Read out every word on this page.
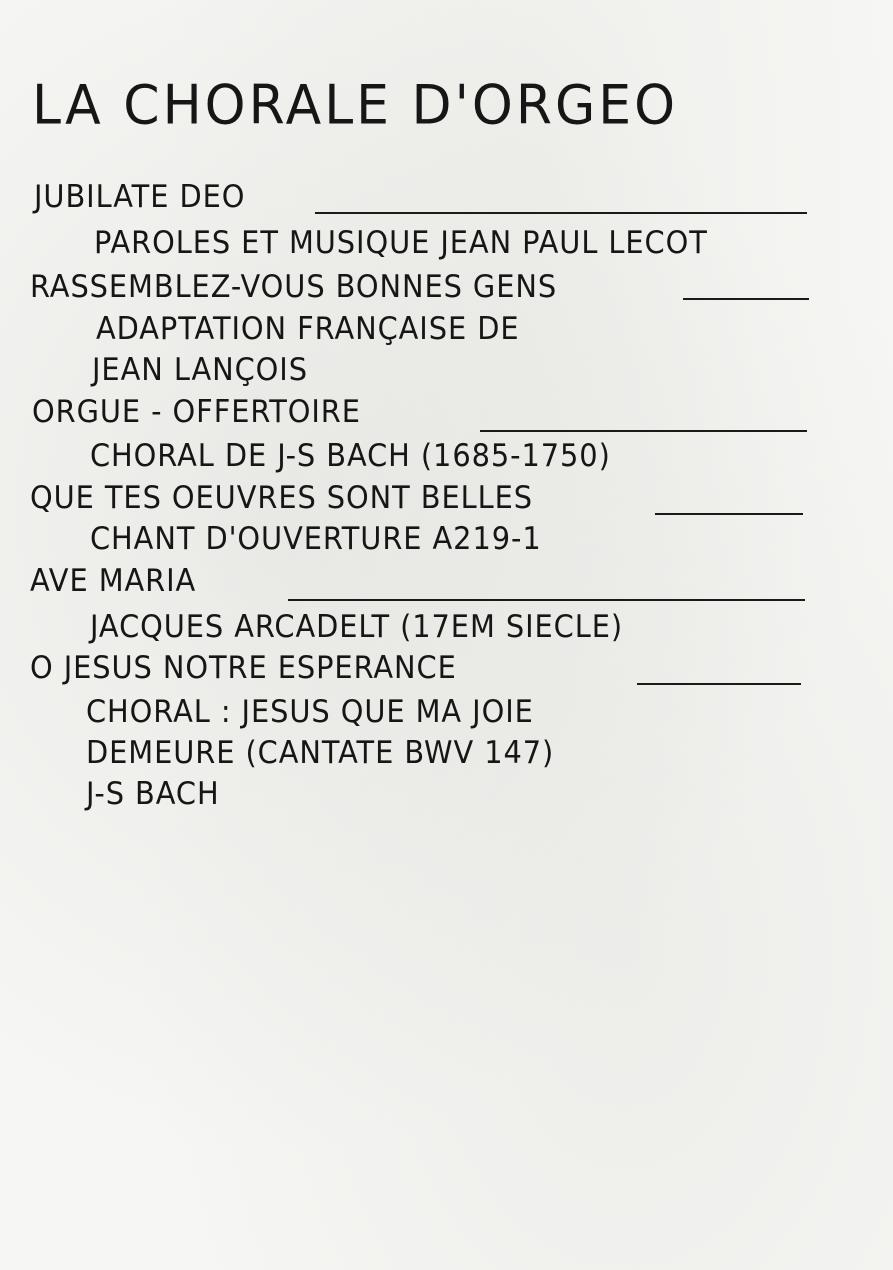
LA CHORALE D'ORGEO
JUBILATE DEO
PAROLES ET MUSIQUE JEAN PAUL LECOT
RASSEMBLEZ-VOUS BONNES GENS
ADAPTATION FRANÇAISE DE
JEAN LANÇOIS
ORGUE - OFFERTOIRE
CHORAL DE J-S BACH (1685-1750)
QUE TES OEUVRES SONT BELLES
CHANT D'OUVERTURE A219-1
AVE MARIA
JACQUES ARCADELT (17EM SIECLE)
O JESUS NOTRE ESPERANCE
CHORAL : JESUS QUE MA JOIE
DEMEURE (CANTATE BWV 147)
J-S BACH
